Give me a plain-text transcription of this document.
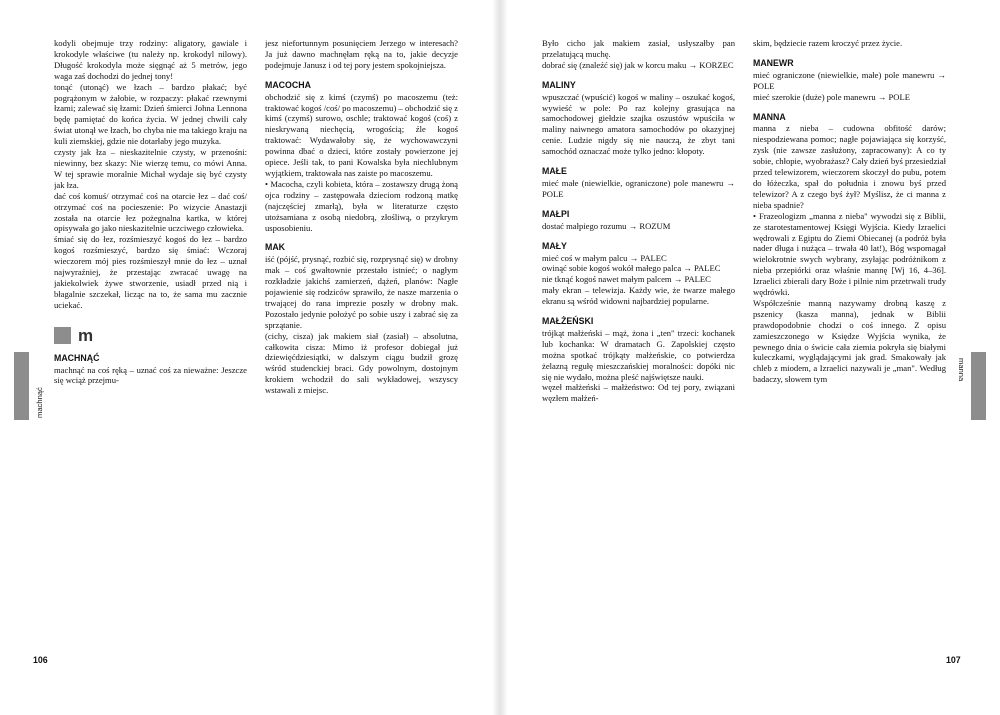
machnąć
manna
106	107

kodyli obejmuje trzy rodziny: aligatory, gawiale i krokodyle właściwe (tu należy np. krokodyl nilowy). Długość krokodyla może sięgnąć aż 5 metrów, jego waga zaś dochodzi do jednej tony!

tonąć (utonąć) we łzach – bardzo płakać; być pogrążonym w żałobie, w rozpaczy: płakać rzewnymi łzami; zalewać się łzami: Dzień śmierci Johna Lennona będę pamiętać do końca życia. W jednej chwili cały świat utonął we łzach, bo chyba nie ma takiego kraju na kuli ziemskiej, gdzie nie dotarłaby jego muzyka.

czysty jak łza – nieskazitelnie czysty, w przenośni: niewinny, bez skazy: Nie wierzę temu, co mówi Anna. W tej sprawie moralnie Michał wydaje się być czysty jak łza.

dać coś komuś/ otrzymać coś na otarcie łez – dać coś/ otrzymać coś na pocieszenie: Po wizycie Anastazji została na otarcie łez pożegnalna kartka, w której opisywała go jako nieskazitelnie uczciwego człowieka.

śmiać się do łez, rozśmieszyć kogoś do łez – bardzo kogoś rozśmieszyć, bardzo się śmiać: Wczoraj wieczorem mój pies rozśmieszył mnie do łez – uznał najwyraźniej, że przestając zwracać uwagę na jakiekolwiek żywe stworzenie, usiadł przed nią i błagalnie szczekał, licząc na to, że sama mu zacznie uciekać.

m
MACHNĄĆ

machnąć na coś ręką – uznać coś za nieważne: Jeszcze się wciąż przejmu-

jesz niefortunnym posunięciem Jerzego w interesach? Ja już dawno machnęłam ręką na to, jakie decyzje podejmuje Janusz i od tej pory jestem spokojniejsza.

MACOCHA

obchodzić się z kimś (czymś) po macoszemu (też: traktować kogoś /coś/ po macoszemu) – obchodzić się z kimś (czymś) surowo, oschle; traktować kogoś (coś) z nieskrywaną niechęcią, wrogością; źle kogoś traktować: Wydawałoby się, że wychowawczyni powinna dbać o dzieci, które zostały powierzone jej opiece. Jeśli tak, to pani Kowalska była niechlubnym wyjątkiem, traktowała nas zaiste po macoszemu.

• Macocha, czyli kobieta, która – zostawszy drugą żoną ojca rodziny – zastępowała dzieciom rodzoną matkę (najczęściej zmarłą), była w literaturze często utożsamiana z osobą niedobrą, złośliwą, o przykrym usposobieniu.

MAK

iść (pójść, prysnąć, rozbić się, rozprysnąć się) w drobny mak – coś gwałtownie przestało istnieć; o nagłym rozkładzie jakichś zamierzeń, dążeń, planów: Nagłe pojawienie się rodziców sprawiło, że nasze marzenia o trwającej do rana imprezie poszły w drobny mak. Pozostało jedynie położyć po sobie uszy i zabrać się za sprzątanie.

(cichy, cisza) jak makiem siał (zasiał) – absolutna, całkowita cisza: Mimo iż profesor dobiegał już dziewięćdziesiątki, w dalszym ciągu budził grozę wśród studenckiej braci. Gdy powolnym, dostojnym krokiem wchodził do sali wykładowej, wszyscy wstawali z miejsc.

Było cicho jak makiem zasiał, usłyszałby pan przelatującą muchę.

dobrać się (znaleźć się) jak w korcu maku → KORZEC

MALINY

wpuszczać (wpuścić) kogoś w maliny – oszukać kogoś, wywieść w pole: Po raz kolejny grasująca na samochodowej giełdzie szajka oszustów wpuściła w maliny naiwnego amatora samochodów po okazyjnej cenie. Ludzie nigdy się nie nauczą, że zbyt tani samochód oznaczać może tylko jedno: kłopoty.

MAŁE

mieć małe (niewielkie, ograniczone) pole manewru → POLE

MAŁPI

dostać małpiego rozumu → ROZUM

MAŁY

mieć coś w małym palcu → PALEC

owinąć sobie kogoś wokół małego palca → PALEC

nie tknąć kogoś nawet małym palcem → PALEC

mały ekran – telewizja. Każdy wie, że twarze małego ekranu są wśród widowni najbardziej popularne.

MAŁŻEŃSKI

trójkąt małżeński – mąż, żona i „ten" trzeci: kochanek lub kochanka: W dramatach G. Zapolskiej często można spotkać trójkąty małżeńskie, co potwierdza żelazną regułę mieszczańskiej moralności: dopóki nic się nie wydało, można pleść najświętsze nauki.

węzeł małżeński – małżeństwo: Od tej pory, związani węzłem małżeń-

skim, będziecie razem kroczyć przez życie.

MANEWR

mieć ograniczone (niewielkie, małe) pole manewru → POLE

mieć szerokie (duże) pole manewru → POLE

MANNA

manna z nieba – cudowna obfitość darów; niespodziewana pomoc; nagłe pojawiająca się korzyść, zysk (nie zawsze zasłużony, zapracowany): A co ty sobie, chłopie, wyobrażasz? Cały dzień byś przesiedział przed telewizorem, wieczorem skoczył do pubu, potem do łóżeczka, spał do południa i znowu byś przed telewizor? A z czego byś żył? Myślisz, że ci manna z nieba spadnie?

• Frazeologizm „manna z nieba" wywodzi się z Biblii, ze starotestamentowej Księgi Wyjścia. Kiedy Izraelici wędrowali z Egiptu do Ziemi Obiecanej (a podróż była nader długa i nużąca – trwała 40 lat!), Bóg wspomagał wielokrotnie swych wybrany, zsyłając podróżnikom z nieba przepiórki oraz właśnie mannę [Wj 16, 4–36]. Izraelici zbierali dary Boże i pilnie nim przetrwali trudy wędrówki.

Współcześnie manną nazywamy drobną kaszę z pszenicy (kasza manna), jednak w Biblii prawdopodobnie chodzi o coś innego. Z opisu zamieszczonego w Księdze Wyjścia wynika, że pewnego dnia o świcie cała ziemia pokryła się białymi kuleczkami, wyglądającymi jak grad. Smakowały jak chleb z miodem, a Izraelici nazywali je „man". Według badaczy, słowem tym
